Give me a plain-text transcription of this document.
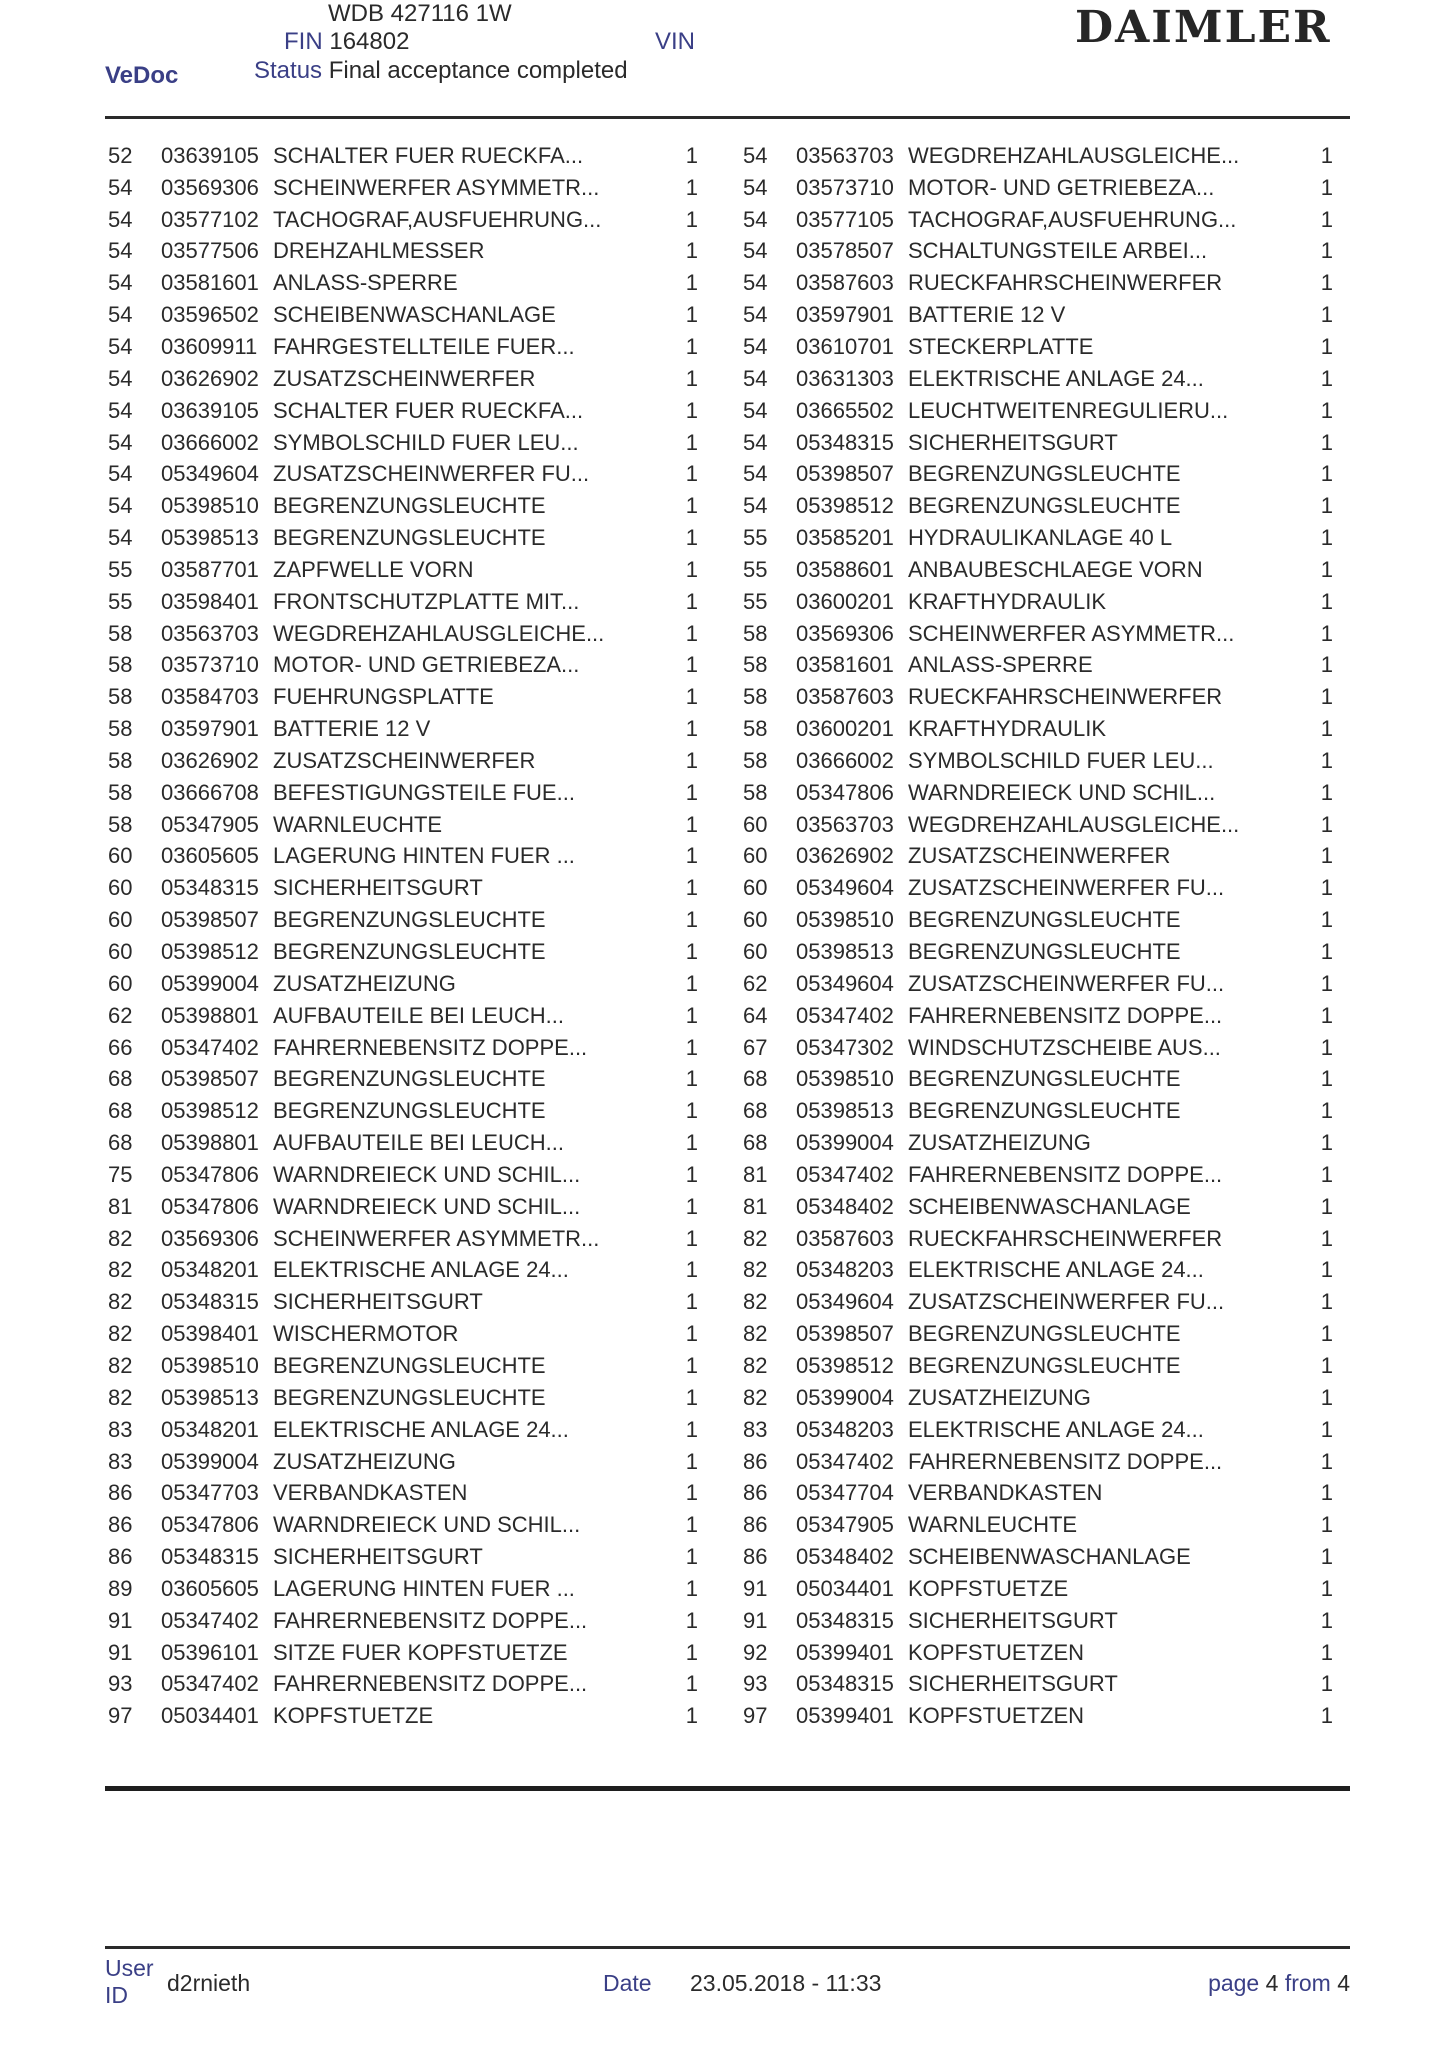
WDB 427116 1W
FIN 164802	VIN
VeDoc	Status Final acceptance completed
DAIMLER
52	03639105 SCHALTER FUER RUECKFA...	1
54	03569306 SCHEINWERFER ASYMMETR...	1
54	03577102 TACHOGRAF,AUSFUEHRUNG...	1
54	03577506 DREHZAHLMESSER	1
54	03581601 ANLASS-SPERRE	1
54	03596502 SCHEIBENWASCHANLAGE	1
54	03609911 FAHRGESTELLTEILE FUER...	1
54	03626902 ZUSATZSCHEINWERFER	1
54	03639105 SCHALTER FUER RUECKFA...	1
54	03666002 SYMBOLSCHILD FUER LEU...	1
54	05349604 ZUSATZSCHEINWERFER FU...	1
54	05398510 BEGRENZUNGSLEUCHTE	1
54	05398513 BEGRENZUNGSLEUCHTE	1
55	03587701 ZAPFWELLE VORN	1
55	03598401 FRONTSCHUTZPLATTE MIT...	1
58	03563703 WEGDREHZAHLAUSGLEICHE...	1
58	03573710 MOTOR- UND GETRIEBEZA...	1
58	03584703 FUEHRUNGSPLATTE	1
58	03597901 BATTERIE 12 V	1
58	03626902 ZUSATZSCHEINWERFER	1
58	03666708 BEFESTIGUNGSTEILE FUE...	1
58	05347905 WARNLEUCHTE	1
60	03605605 LAGERUNG HINTEN FUER ...	1
60	05348315 SICHERHEITSGURT	1
60	05398507 BEGRENZUNGSLEUCHTE	1
60	05398512 BEGRENZUNGSLEUCHTE	1
60	05399004 ZUSATZHEIZUNG	1
62	05398801 AUFBAUTEILE BEI LEUCH...	1
66	05347402 FAHRERNEBENSITZ DOPPE...	1
68	05398507 BEGRENZUNGSLEUCHTE	1
68	05398512 BEGRENZUNGSLEUCHTE	1
68	05398801 AUFBAUTEILE BEI LEUCH...	1
75	05347806 WARNDREIECK UND SCHIL...	1
81	05347806 WARNDREIECK UND SCHIL...	1
82	03569306 SCHEINWERFER ASYMMETR...	1
82	05348201 ELEKTRISCHE ANLAGE 24...	1
82	05348315 SICHERHEITSGURT	1
82	05398401 WISCHERMOTOR	1
82	05398510 BEGRENZUNGSLEUCHTE	1
82	05398513 BEGRENZUNGSLEUCHTE	1
83	05348201 ELEKTRISCHE ANLAGE 24...	1
83	05399004 ZUSATZHEIZUNG	1
86	05347703 VERBANDKASTEN	1
86	05347806 WARNDREIECK UND SCHIL...	1
86	05348315 SICHERHEITSGURT	1
89	03605605 LAGERUNG HINTEN FUER ...	1
91	05347402 FAHRERNEBENSITZ DOPPE...	1
91	05396101 SITZE FUER KOPFSTUETZE	1
93	05347402 FAHRERNEBENSITZ DOPPE...	1
97	05034401 KOPFSTUETZE	1
54	03563703 WEGDREHZAHLAUSGLEICHE...	1
54	03573710 MOTOR- UND GETRIEBEZA...	1
54	03577105 TACHOGRAF,AUSFUEHRUNG...	1
54	03578507 SCHALTUNGSTEILE ARBEI...	1
54	03587603 RUECKFAHRSCHEINWERFER	1
54	03597901 BATTERIE 12 V	1
54	03610701 STECKERPLATTE	1
54	03631303 ELEKTRISCHE ANLAGE 24...	1
54	03665502 LEUCHTWEITENREGULIERU...	1
54	05348315 SICHERHEITSGURT	1
54	05398507 BEGRENZUNGSLEUCHTE	1
54	05398512 BEGRENZUNGSLEUCHTE	1
55	03585201 HYDRAULIKANLAGE 40 L	1
55	03588601 ANBAUBESCHLAEGE VORN	1
55	03600201 KRAFTHYDRAULIK	1
58	03569306 SCHEINWERFER ASYMMETR...	1
58	03581601 ANLASS-SPERRE	1
58	03587603 RUECKFAHRSCHEINWERFER	1
58	03600201 KRAFTHYDRAULIK	1
58	03666002 SYMBOLSCHILD FUER LEU...	1
58	05347806 WARNDREIECK UND SCHIL...	1
60	03563703 WEGDREHZAHLAUSGLEICHE...	1
60	03626902 ZUSATZSCHEINWERFER	1
60	05349604 ZUSATZSCHEINWERFER FU...	1
60	05398510 BEGRENZUNGSLEUCHTE	1
60	05398513 BEGRENZUNGSLEUCHTE	1
62	05349604 ZUSATZSCHEINWERFER FU...	1
64	05347402 FAHRERNEBENSITZ DOPPE...	1
67	05347302 WINDSCHUTZSCHEIBE AUS...	1
68	05398510 BEGRENZUNGSLEUCHTE	1
68	05398513 BEGRENZUNGSLEUCHTE	1
68	05399004 ZUSATZHEIZUNG	1
81	05347402 FAHRERNEBENSITZ DOPPE...	1
81	05348402 SCHEIBENWASCHANLAGE	1
82	03587603 RUECKFAHRSCHEINWERFER	1
82	05348203 ELEKTRISCHE ANLAGE 24...	1
82	05349604 ZUSATZSCHEINWERFER FU...	1
82	05398507 BEGRENZUNGSLEUCHTE	1
82	05398512 BEGRENZUNGSLEUCHTE	1
82	05399004 ZUSATZHEIZUNG	1
83	05348203 ELEKTRISCHE ANLAGE 24...	1
86	05347402 FAHRERNEBENSITZ DOPPE...	1
86	05347704 VERBANDKASTEN	1
86	05347905 WARNLEUCHTE	1
86	05348402 SCHEIBENWASCHANLAGE	1
91	05034401 KOPFSTUETZE	1
91	05348315 SICHERHEITSGURT	1
92	05399401 KOPFSTUETZEN	1
93	05348315 SICHERHEITSGURT	1
97	05399401 KOPFSTUETZEN	1
User
ID	d2rnieth	Date 23.05.2018 - 11:33	page 4 from 4
